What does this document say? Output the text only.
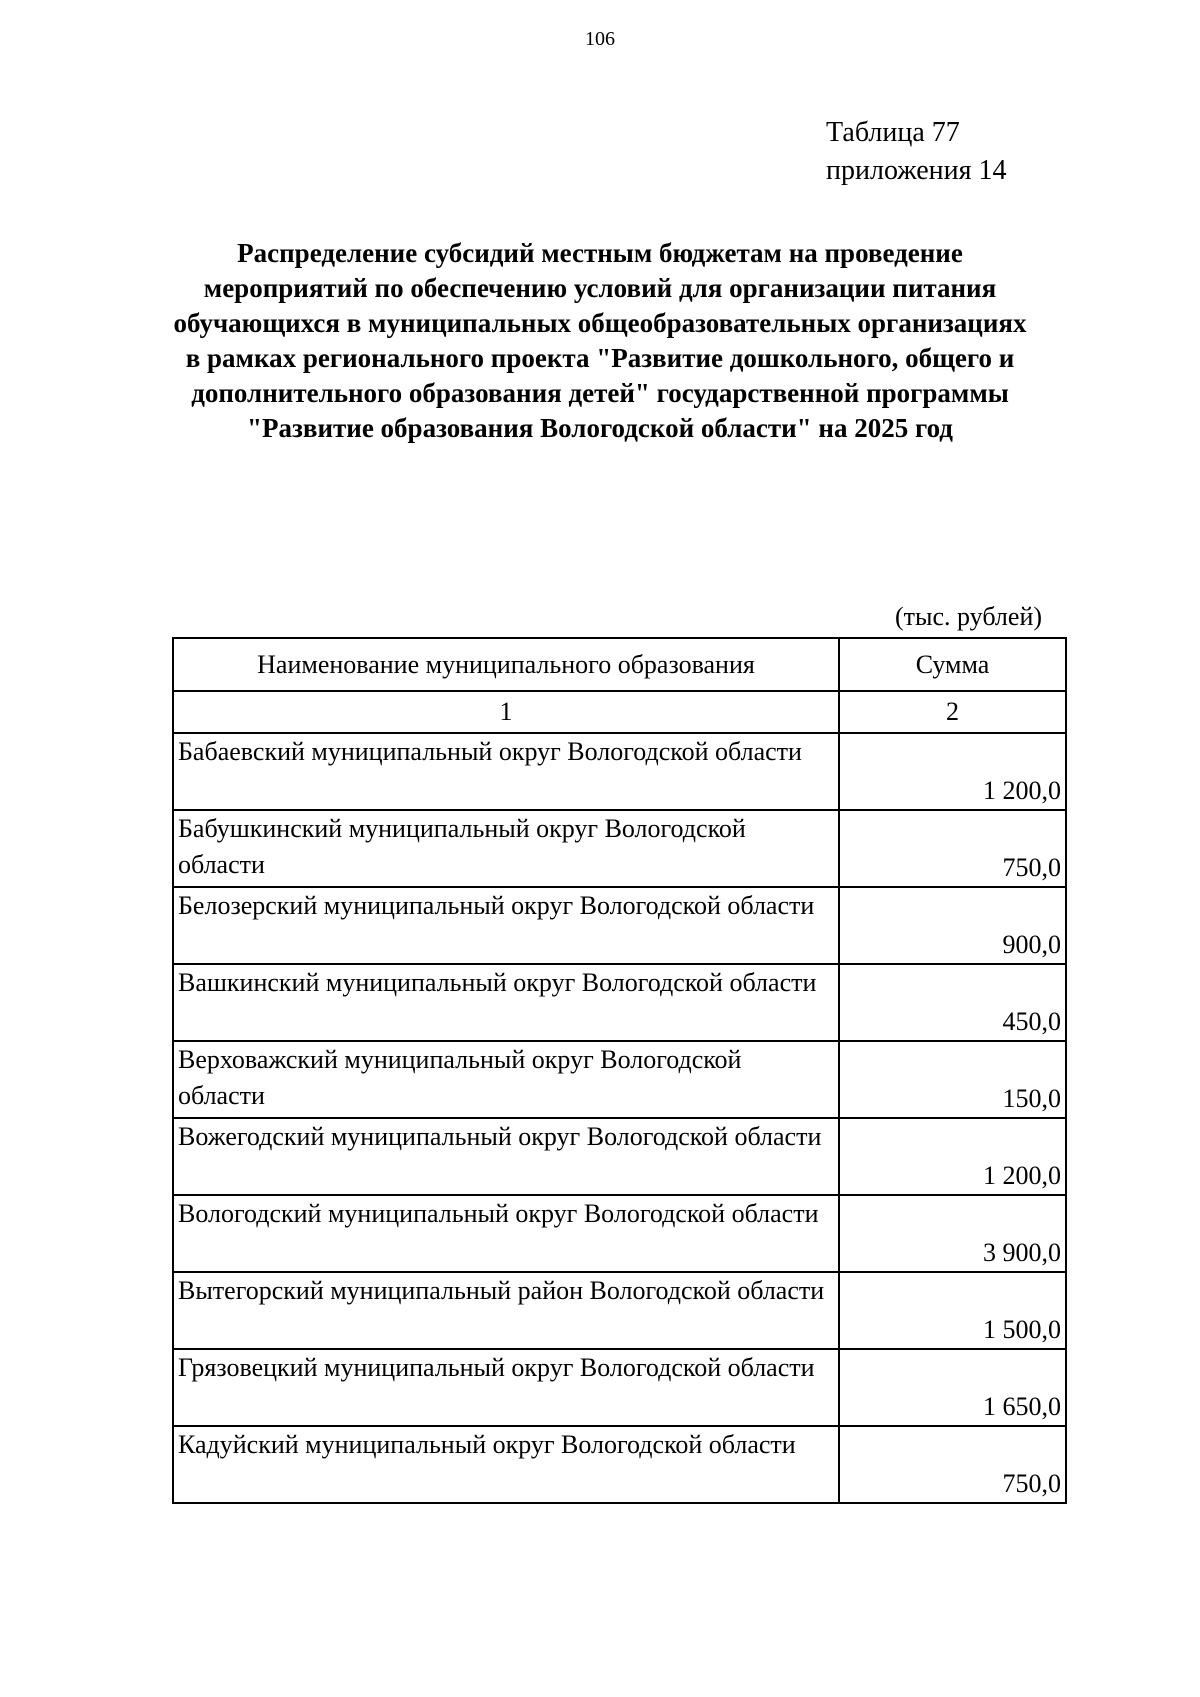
106
Таблица 77
приложения 14
Распределение субсидий местным бюджетам на проведение мероприятий по обеспечению условий для организации питания обучающихся в муниципальных общеобразовательных организациях в рамках регионального проекта "Развитие дошкольного, общего и дополнительного образования детей" государственной программы "Развитие образования Вологодской области" на 2025 год
(тыс. рублей)
Наименование муниципального образования	Сумма
1	2
Бабаевский муниципальный округ Вологодской области	1 200,0
Бабушкинский муниципальный округ Вологодской области	750,0
Белозерский муниципальный округ Вологодской области	900,0
Вашкинский муниципальный округ Вологодской области	450,0
Верховажский муниципальный округ Вологодской области	150,0
Вожегодский муниципальный округ Вологодской области	1 200,0
Вологодский муниципальный округ Вологодской области	3 900,0
Вытегорский муниципальный район Вологодской области	1 500,0
Грязовецкий муниципальный округ Вологодской области	1 650,0
Кадуйский муниципальный округ Вологодской области	750,0
